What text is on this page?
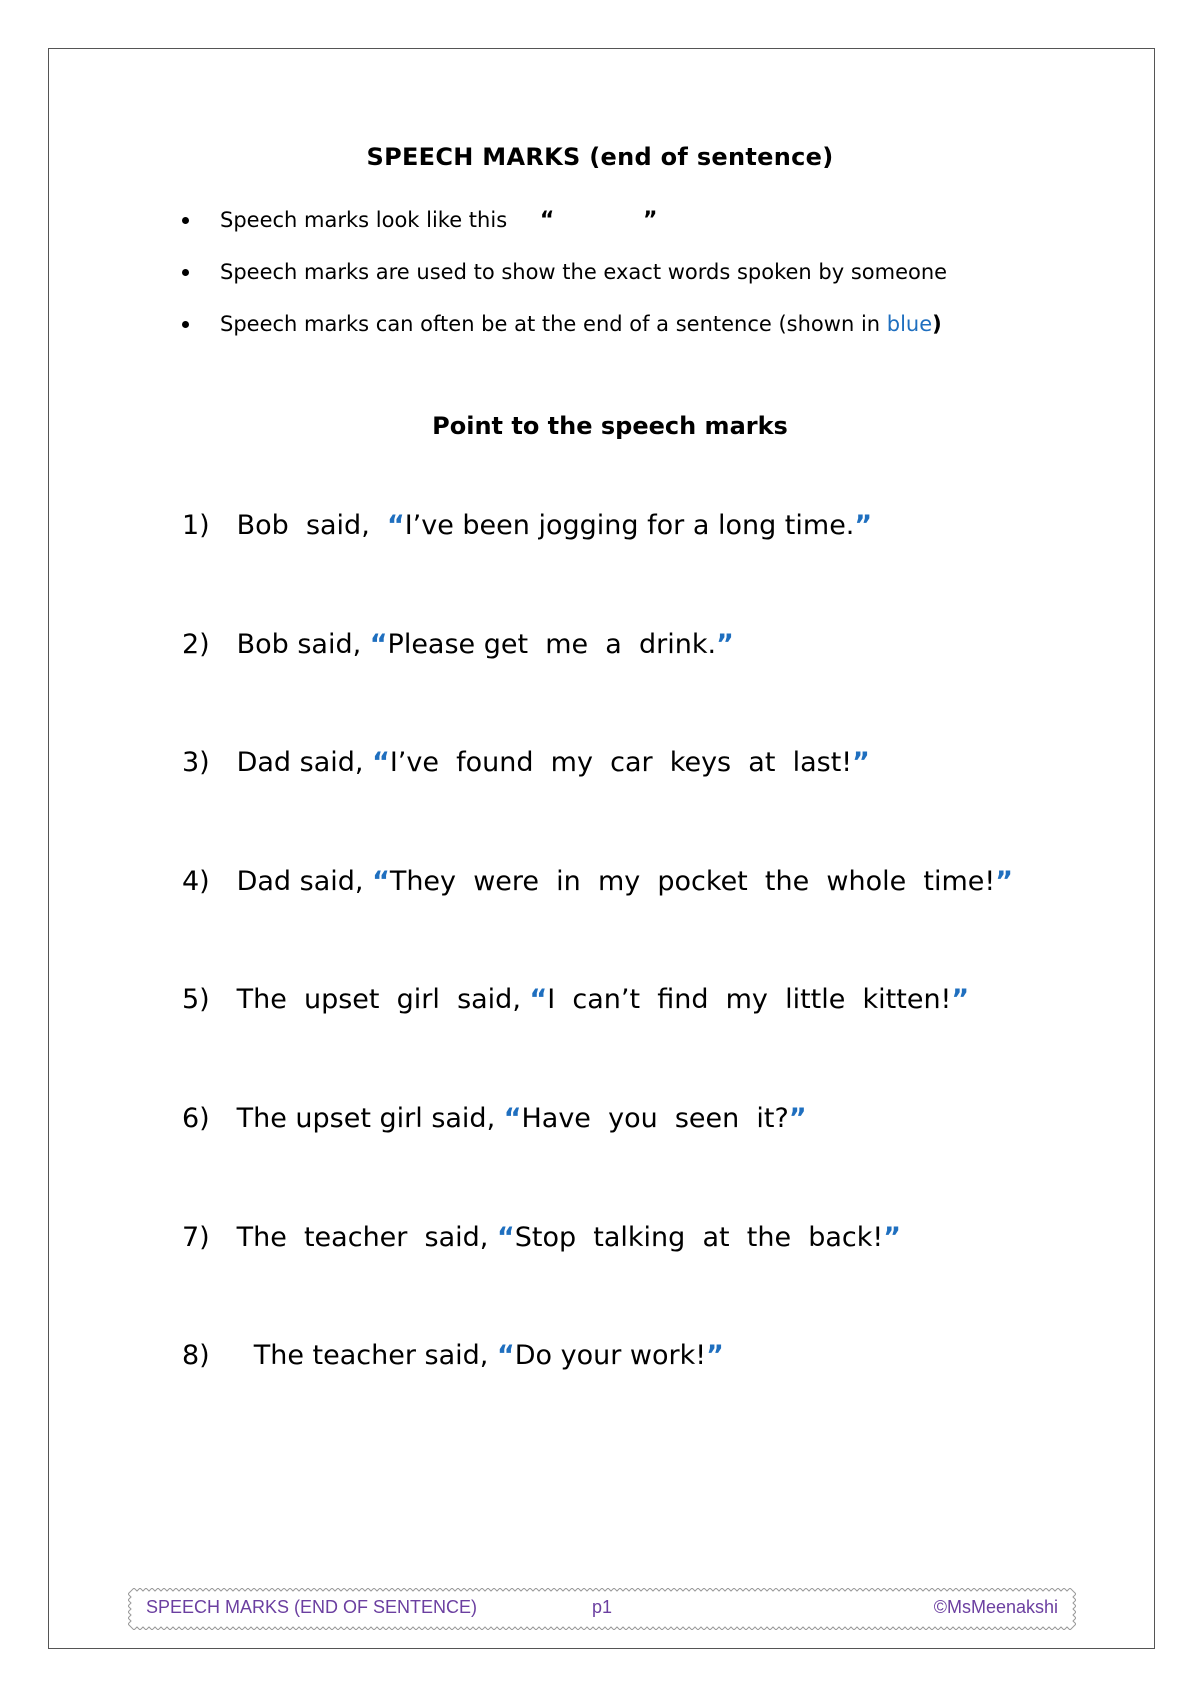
SPEECH MARKS (end of sentence)
Speech marks look like this “	”
Speech marks are used to show the exact words spoken by someone
Speech marks can often be at the end of a sentence (shown in blue)
Point to the speech marks
1) Bob  said,  “I’ve been jogging for a long time.”
2) Bob said, “Please get  me  a  drink.”
3) Dad said, “I’ve  found  my  car  keys  at  last!”
4) Dad said, “They  were  in  my  pocket  the  whole  time!”
5) The  upset  girl  said, “I  can’t  find  my  little  kitten!”
6) The upset girl said, “Have  you  seen  it?”
7) The  teacher  said, “Stop  talking  at  the  back!”
8)   The teacher said, “Do your work!”
SPEECH MARKS (END OF SENTENCE)	p1	©MsMeenakshi
